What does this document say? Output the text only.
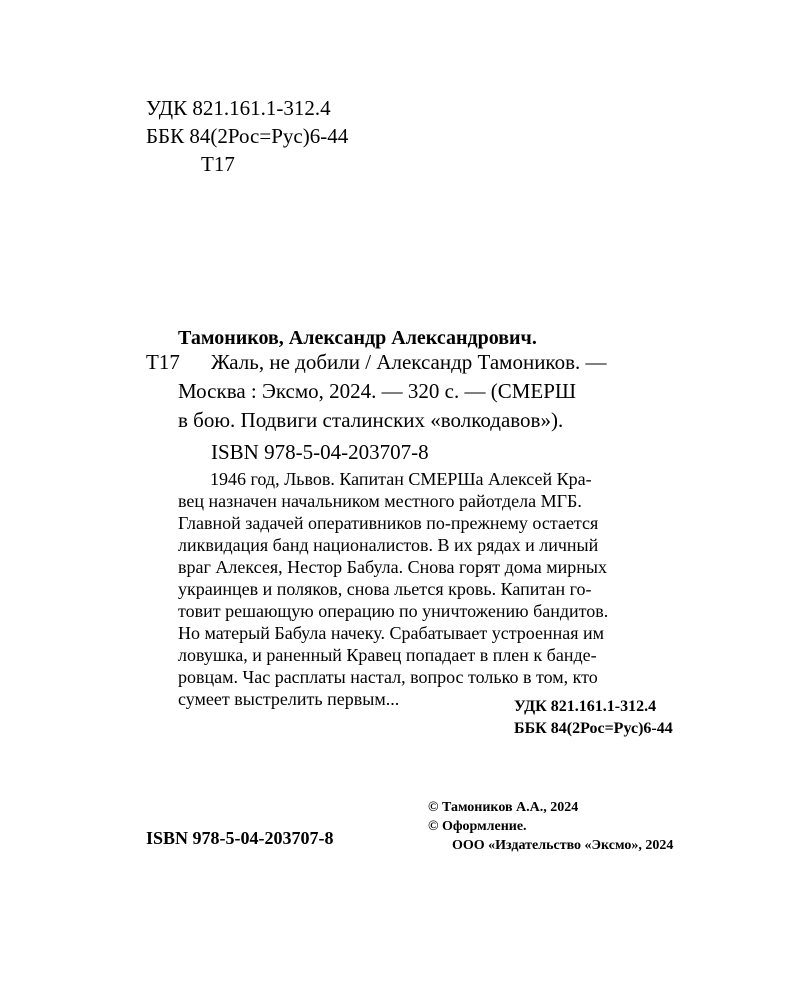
УДК 821.161.1-312.4
ББК 84(2Рос=Рус)6-44
Т17
Тамоников, Александр Александрович.
Т17 Жаль, не добили / Александр Тамоников. —
Москва : Эксмо, 2024. — 320 с. — (СМЕРШ
в бою. Подвиги сталинских «волкодавов»).
ISBN 978-5-04-203707-8
1946 год, Львов. Капитан СМЕРШа Алексей Кра-
вец назначен начальником местного райотдела МГБ.
Главной задачей оперативников по-прежнему остается
ликвидация банд националистов. В их рядах и личный
враг Алексея, Нестор Бабула. Снова горят дома мирных
украинцев и поляков, снова льется кровь. Капитан го-
товит решающую операцию по уничтожению бандитов.
Но матерый Бабула начеку. Срабатывает устроенная им
ловушка, и раненный Кравец попадает в плен к банде-
ровцам. Час расплаты настал, вопрос только в том, кто
сумеет выстрелить первым...	УДК 821.161.1-312.4
ББК 84(2Рос=Рус)6-44
ISBN 978-5-04-203707-8
© Тамоников А.А., 2024
© Оформление.
ООО «Издательство «Эксмо», 2024
